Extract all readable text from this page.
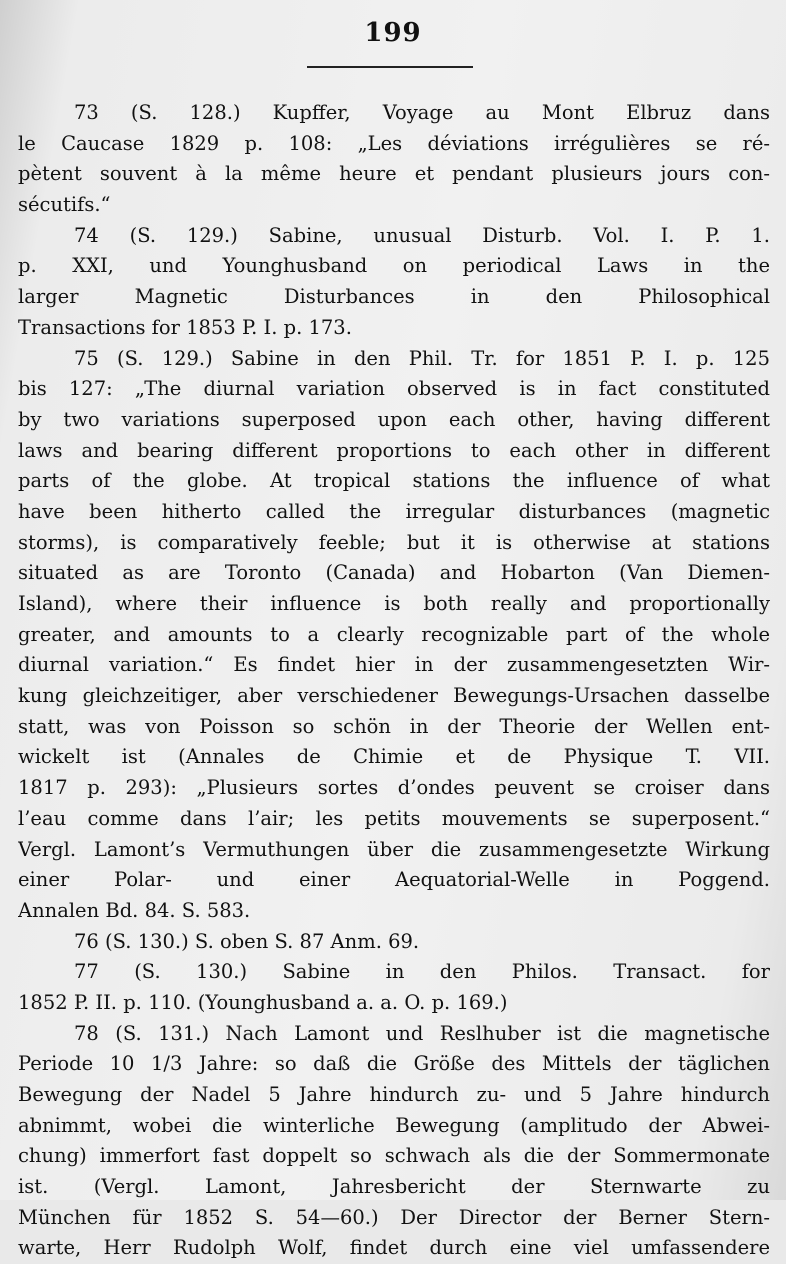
199
73 (S. 128.) Kupffer, Voyage au Mont Elbruz dans
le Caucase 1829 p. 108: „Les déviations irrégulières se ré-
pètent souvent à la même heure et pendant plusieurs jours con-
sécutifs.“
74 (S. 129.) Sabine, unusual Disturb. Vol. I. P. 1.
p. XXI, und Younghusband on periodical Laws in the
larger Magnetic Disturbances in den Philosophical
Transactions for 1853 P. I. p. 173.
75 (S. 129.) Sabine in den Phil. Tr. for 1851 P. I. p. 125
bis 127: „The diurnal variation observed is in fact constituted
by two variations superposed upon each other, having different
laws and bearing different proportions to each other in different
parts of the globe. At tropical stations the influence of what
have been hitherto called the irregular disturbances (magnetic
storms), is comparatively feeble; but it is otherwise at stations
situated as are Toronto (Canada) and Hobarton (Van Diemen-
Island), where their influence is both really and proportionally
greater, and amounts to a clearly recognizable part of the whole
diurnal variation.“ Es findet hier in der zusammengesetzten Wir-
kung gleichzeitiger, aber verschiedener Bewegungs-Ursachen dasselbe
statt, was von Poisson so schön in der Theorie der Wellen ent-
wickelt ist (Annales de Chimie et de Physique T. VII.
1817 p. 293): „Plusieurs sortes d’ondes peuvent se croiser dans
l’eau comme dans l’air; les petits mouvements se superposent.“
Vergl. Lamont’s Vermuthungen über die zusammengesetzte Wirkung
einer Polar- und einer Aequatorial-Welle in Poggend.
Annalen Bd. 84. S. 583.
76 (S. 130.) S. oben S. 87 Anm. 69.
77 (S. 130.) Sabine in den Philos. Transact. for
1852 P. II. p. 110. (Younghusband a. a. O. p. 169.)
78 (S. 131.) Nach Lamont und Reslhuber ist die magnetische
Periode 10 1/3 Jahre: so daß die Größe des Mittels der täglichen
Bewegung der Nadel 5 Jahre hindurch zu- und 5 Jahre hindurch
abnimmt, wobei die winterliche Bewegung (amplitudo der Abwei-
chung) immerfort fast doppelt so schwach als die der Sommermonate
ist. (Vergl. Lamont, Jahresbericht der Sternwarte zu
München für 1852 S. 54—60.) Der Director der Berner Stern-
warte, Herr Rudolph Wolf, findet durch eine viel umfassendere
